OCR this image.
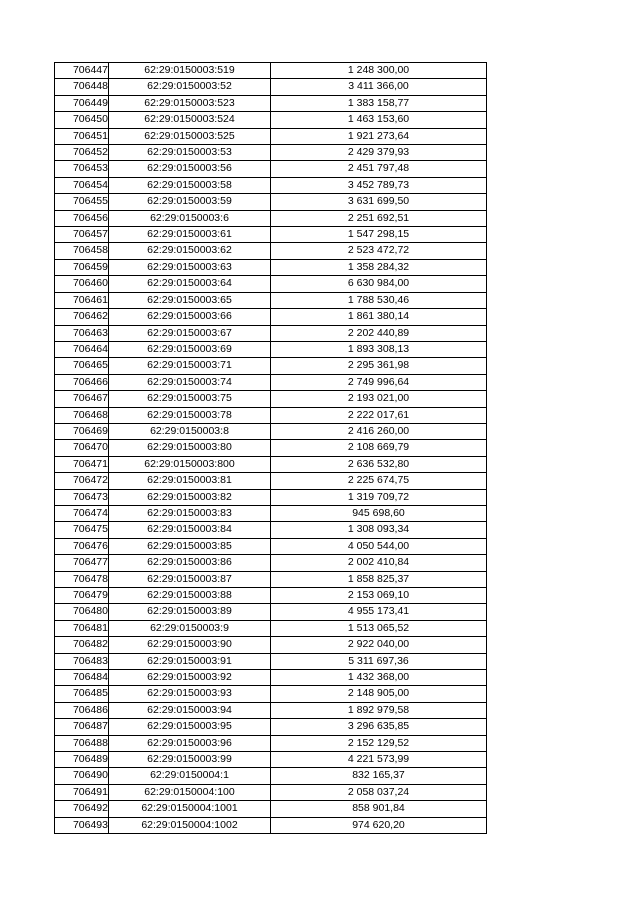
706447	62:29:0150003:519	1 248 300,00
706448	62:29:0150003:52	3 411 366,00
706449	62:29:0150003:523	1 383 158,77
706450	62:29:0150003:524	1 463 153,60
706451	62:29:0150003:525	1 921 273,64
706452	62:29:0150003:53	2 429 379,93
706453	62:29:0150003:56	2 451 797,48
706454	62:29:0150003:58	3 452 789,73
706455	62:29:0150003:59	3 631 699,50
706456	62:29:0150003:6	2 251 692,51
706457	62:29:0150003:61	1 547 298,15
706458	62:29:0150003:62	2 523 472,72
706459	62:29:0150003:63	1 358 284,32
706460	62:29:0150003:64	6 630 984,00
706461	62:29:0150003:65	1 788 530,46
706462	62:29:0150003:66	1 861 380,14
706463	62:29:0150003:67	2 202 440,89
706464	62:29:0150003:69	1 893 308,13
706465	62:29:0150003:71	2 295 361,98
706466	62:29:0150003:74	2 749 996,64
706467	62:29:0150003:75	2 193 021,00
706468	62:29:0150003:78	2 222 017,61
706469	62:29:0150003:8	2 416 260,00
706470	62:29:0150003:80	2 108 669,79
706471	62:29:0150003:800	2 636 532,80
706472	62:29:0150003:81	2 225 674,75
706473	62:29:0150003:82	1 319 709,72
706474	62:29:0150003:83	945 698,60
706475	62:29:0150003:84	1 308 093,34
706476	62:29:0150003:85	4 050 544,00
706477	62:29:0150003:86	2 002 410,84
706478	62:29:0150003:87	1 858 825,37
706479	62:29:0150003:88	2 153 069,10
706480	62:29:0150003:89	4 955 173,41
706481	62:29:0150003:9	1 513 065,52
706482	62:29:0150003:90	2 922 040,00
706483	62:29:0150003:91	5 311 697,36
706484	62:29:0150003:92	1 432 368,00
706485	62:29:0150003:93	2 148 905,00
706486	62:29:0150003:94	1 892 979,58
706487	62:29:0150003:95	3 296 635,85
706488	62:29:0150003:96	2 152 129,52
706489	62:29:0150003:99	4 221 573,99
706490	62:29:0150004:1	832 165,37
706491	62:29:0150004:100	2 058 037,24
706492	62:29:0150004:1001	858 901,84
706493	62:29:0150004:1002	974 620,20
